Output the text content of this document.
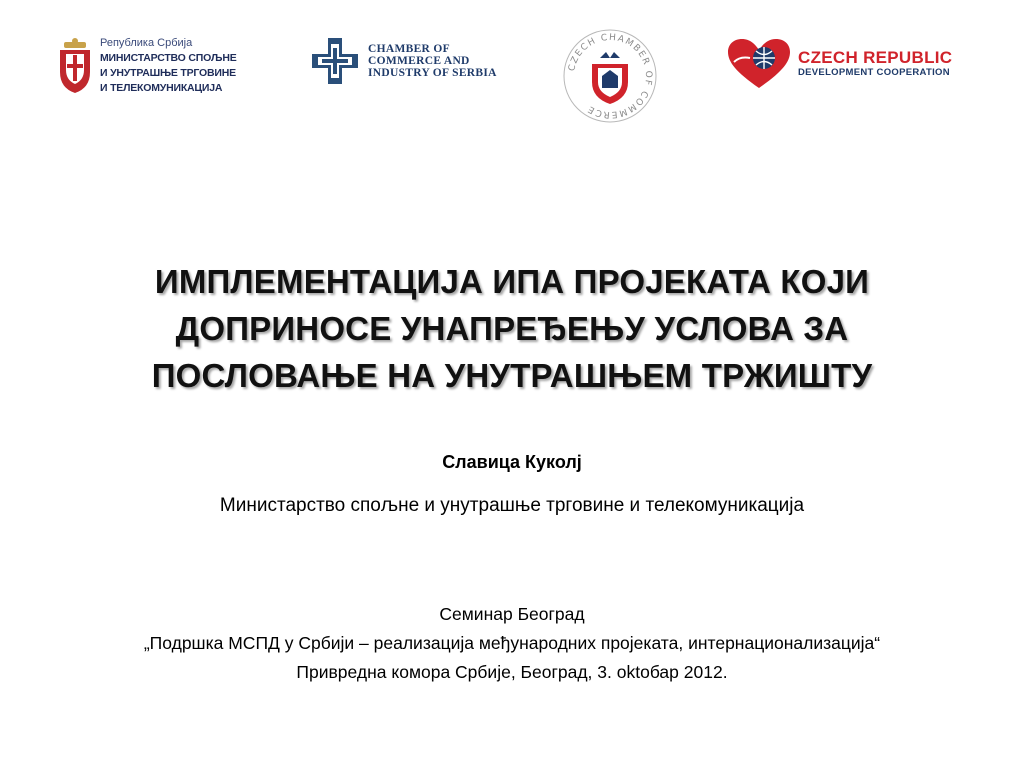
Република Србија
МИНИСТАРСТВО СПОЉНЕ
И УНУТРАШЊЕ ТРГОВИНЕ
И ТЕЛЕКОМУНИКАЦИЈА
CHAMBER OF
COMMERCE AND
INDUSTRY OF SERBIA	CZECH CHAMBER OF COMMERCE
CZECH REPUBLIC
DEVELOPMENT COOPERATION
ИМПЛЕМЕНТАЦИЈА ИПА ПРОЈЕКАТА КОЈИ
ДОПРИНОСЕ УНАПРЕЂЕЊУ УСЛОВА ЗА
ПОСЛОВАЊЕ НА УНУТРАШЊЕМ ТРЖИШТУ
Славица Куколј
Министарство спољне и унутрашње трговине и телекомуникација
Семинар Београд
„Подршка МСПД у Србији – реализација међународних пројеката, интернационализација“
Привредна комора Србије, Београд, 3. oktобар 2012.
